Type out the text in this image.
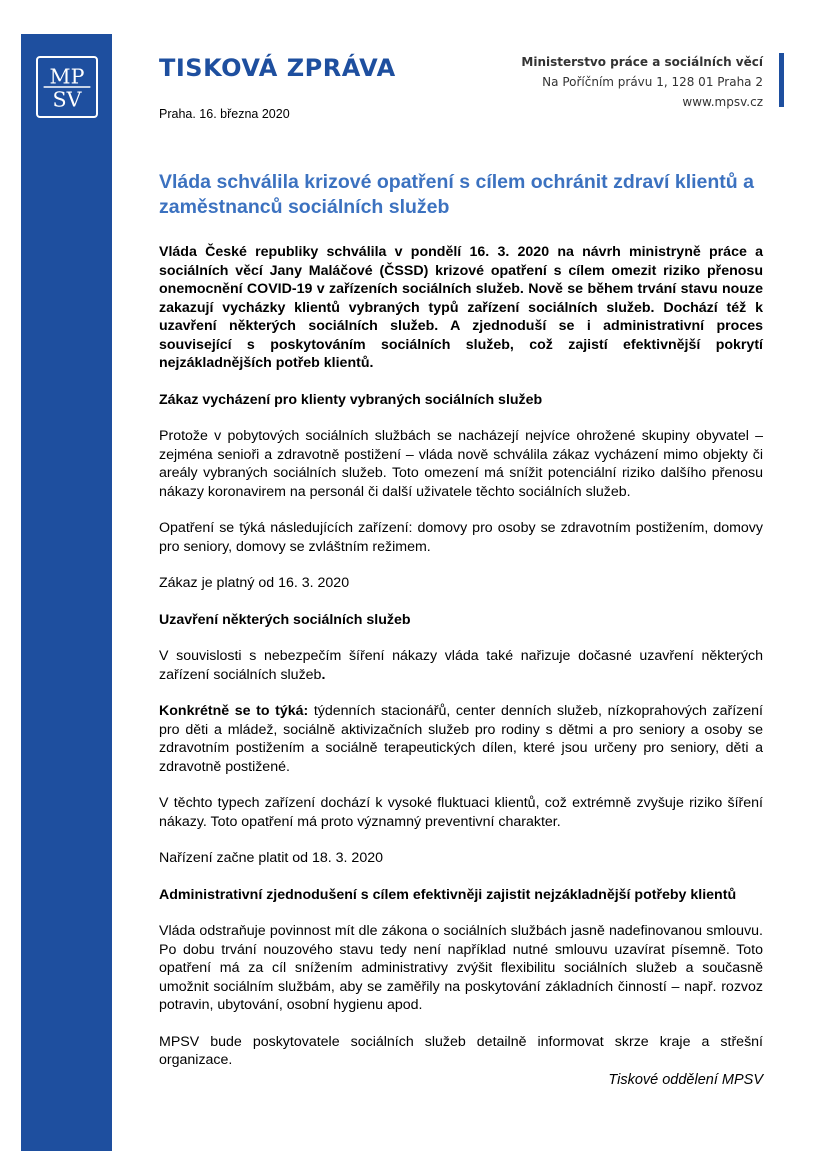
MP
SV
TISKOVÁ ZPRÁVA
Praha. 16. března 2020
Ministerstvo práce a sociálních věcí
Na Poříčním právu 1, 128 01 Praha 2
www.mpsv.cz
Vláda schválila krizové opatření s cílem ochránit zdraví klientů a zaměstnanců sociálních služeb

Vláda České republiky schválila v pondělí 16. 3. 2020 na návrh ministryně práce a sociálních věcí Jany Maláčové (ČSSD) krizové opatření s cílem omezit riziko přenosu onemocnění COVID-19 v zařízeních sociálních služeb. Nově se během trvání stavu nouze zakazují vycházky klientů vybraných typů zařízení sociálních služeb. Dochází též k uzavření některých sociálních služeb. A zjednoduší se i administrativní proces související s poskytováním sociálních služeb, což zajistí efektivnější pokrytí nejzákladnějších potřeb klientů.

Zákaz vycházení pro klienty vybraných sociálních služeb

Protože v pobytových sociálních službách se nacházejí nejvíce ohrožené skupiny obyvatel – zejména senioři a zdravotně postižení – vláda nově schválila zákaz vycházení mimo objekty či areály vybraných sociálních služeb. Toto omezení má snížit potenciální riziko dalšího přenosu nákazy koronavirem na personál či další uživatele těchto sociálních služeb.

Opatření se týká následujících zařízení: domovy pro osoby se zdravotním postižením, domovy pro seniory, domovy se zvláštním režimem.

Zákaz je platný od 16. 3. 2020

Uzavření některých sociálních služeb

V souvislosti s nebezpečím šíření nákazy vláda také nařizuje dočasné uzavření některých zařízení sociálních služeb.

Konkrétně se to týká: týdenních stacionářů, center denních služeb, nízkoprahových zařízení pro děti a mládež, sociálně aktivizačních služeb pro rodiny s dětmi a pro seniory a osoby se zdravotním postižením a sociálně terapeutických dílen, které jsou určeny pro seniory, děti a zdravotně postižené.

V těchto typech zařízení dochází k vysoké fluktuaci klientů, což extrémně zvyšuje riziko šíření nákazy. Toto opatření má proto významný preventivní charakter.

Nařízení začne platit od 18. 3. 2020

Administrativní zjednodušení s cílem efektivněji zajistit nejzákladnější potřeby klientů

Vláda odstraňuje povinnost mít dle zákona o sociálních službách jasně nadefinovanou smlouvu. Po dobu trvání nouzového stavu tedy není například nutné smlouvu uzavírat písemně. Toto opatření má za cíl snížením administrativy zvýšit flexibilitu sociálních služeb a současně umožnit sociálním službám, aby se zaměřily na poskytování základních činností – např. rozvoz potravin, ubytování, osobní hygienu apod.

MPSV bude poskytovatele sociálních služeb detailně informovat skrze kraje a střešní organizace.

Tiskové oddělení MPSV
